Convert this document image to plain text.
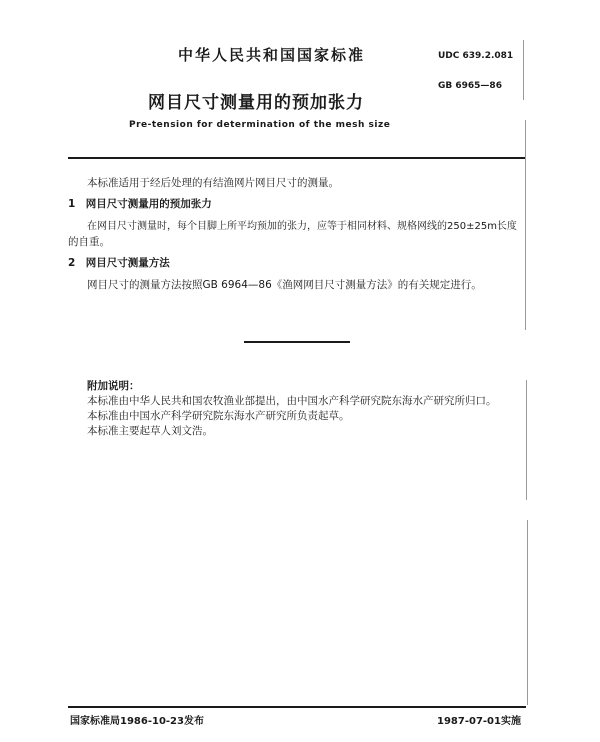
中华人民共和国国家标准	UDC 639.2.081
GB 6965—86
网目尺寸测量用的预加张力
Pre-tension for determination of the mesh size
本标准适用于经后处理的有结渔网片网目尺寸的测量。
1　网目尺寸测量用的预加张力
在网目尺寸测量时，每个目脚上所平均预加的张力，应等于相同材料、规格网线的250±25m长度
的自重。
2　网目尺寸测量方法
网目尺寸的测量方法按照GB 6964—86《渔网网目尺寸测量方法》的有关规定进行。
附加说明：
本标准由中华人民共和国农牧渔业部提出，由中国水产科学研究院东海水产研究所归口。
本标准由中国水产科学研究院东海水产研究所负责起草。
本标准主要起草人刘文浩。
国家标准局1986-10-23发布	1987-07-01实施
